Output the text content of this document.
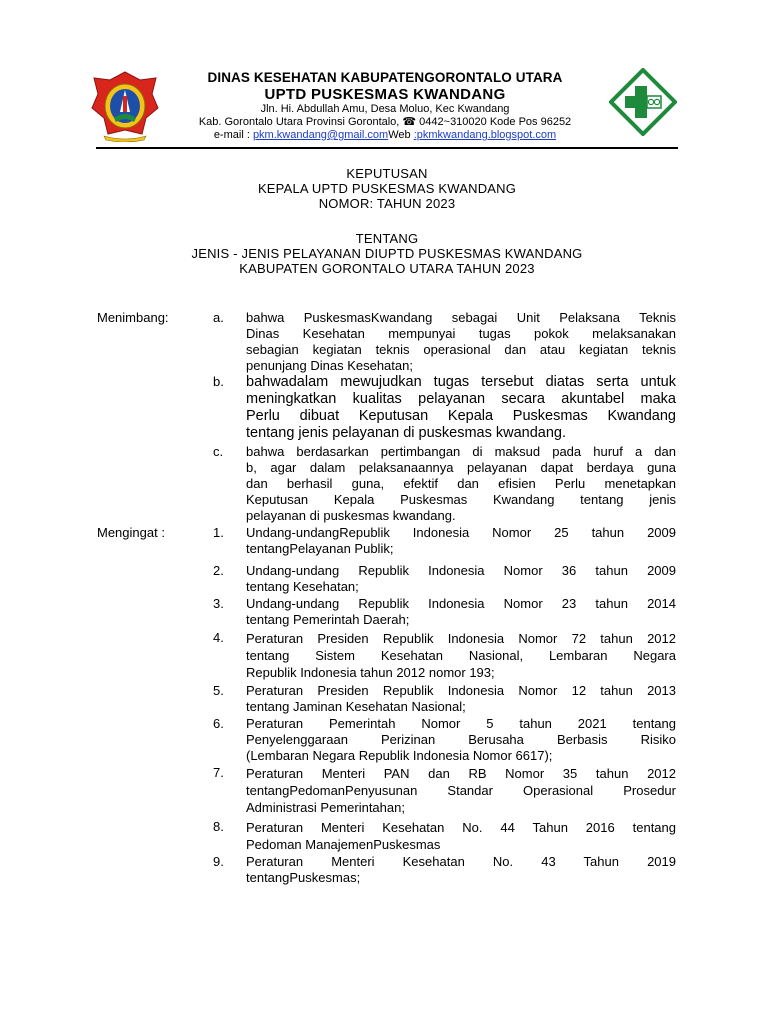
DINAS KESEHATAN KABUPATENGORONTALO UTARA
UPTD PUSKESMAS KWANDANG
Jln. Hi. Abdullah Amu, Desa Moluo, Kec Kwandang
Kab. Gorontalo Utara Provinsi Gorontalo, ☎ 0442~310020 Kode Pos 96252
e-mail : pkm.kwandang@gmail.comWeb :pkmkwandang.blogspot.com
KEPUTUSAN
KEPALA UPTD PUSKESMAS KWANDANG
NOMOR: TAHUN 2023
TENTANG
JENIS - JENIS PELAYANAN DIUPTD PUSKESMAS KWANDANG
KABUPATEN GORONTALO UTARA TAHUN 2023
Menimbang:	a.	bahwa PuskesmasKwandang sebagai Unit Pelaksana Teknis
Dinas Kesehatan mempunyai tugas pokok melaksanakan
sebagian kegiatan teknis operasional dan atau kegiatan teknis
penunjang Dinas Kesehatan;
b.	bahwadalam mewujudkan tugas tersebut diatas serta untuk
meningkatkan kualitas pelayanan secara akuntabel maka
Perlu dibuat Keputusan Kepala Puskesmas Kwandang
tentang jenis pelayanan di puskesmas kwandang.
c.	bahwa berdasarkan pertimbangan di maksud pada huruf a dan
b, agar dalam pelaksanaannya pelayanan dapat berdaya guna
dan berhasil guna, efektif dan efisien Perlu menetapkan
Keputusan Kepala Puskesmas Kwandang tentang jenis
pelayanan di puskesmas kwandang.
Mengingat :	1.	Undang-undangRepublik Indonesia Nomor 25 tahun 2009
tentangPelayanan Publik;
2.	Undang-undang Republik Indonesia Nomor 36 tahun 2009
tentang Kesehatan;
3.	Undang-undang Republik Indonesia Nomor 23 tahun 2014
tentang Pemerintah Daerah;
4.	Peraturan Presiden Republik Indonesia Nomor 72 tahun 2012
tentang Sistem Kesehatan Nasional, Lembaran Negara
Republik Indonesia tahun 2012 nomor 193;
5.	Peraturan Presiden Republik Indonesia Nomor 12 tahun 2013
tentang Jaminan Kesehatan Nasional;
6.	Peraturan Pemerintah Nomor 5 tahun 2021 tentang
Penyelenggaraan Perizinan Berusaha Berbasis Risiko
(Lembaran Negara Republik Indonesia Nomor 6617);
7.	Peraturan Menteri PAN dan RB Nomor 35 tahun 2012
tentangPedomanPenyusunan Standar Operasional Prosedur
Administrasi Pemerintahan;
8.	Peraturan Menteri Kesehatan No. 44 Tahun 2016 tentang
Pedoman ManajemenPuskesmas
9.	Peraturan Menteri Kesehatan No. 43 Tahun 2019
tentangPuskesmas;
